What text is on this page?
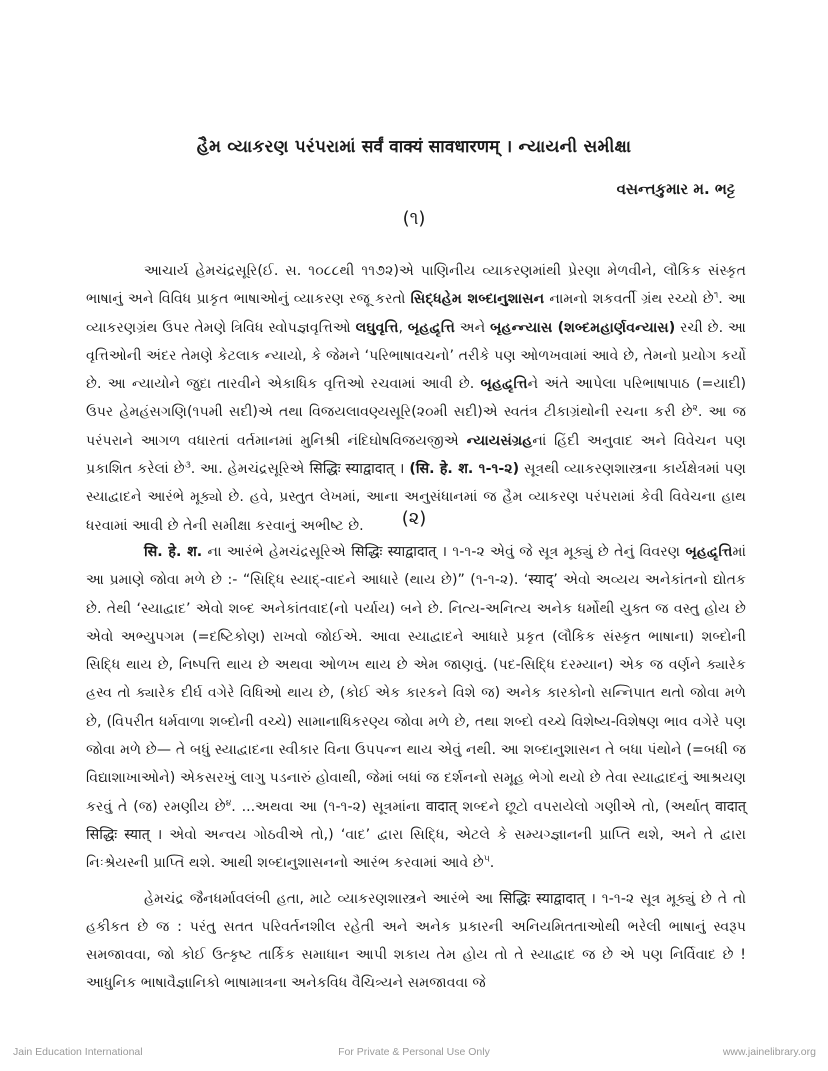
હૈમ વ્યાકરણ પરંપરામાં सर्वं वाक्यं सावधारणम् । ન્યાયની સમીક્ષા
વસન્તકુમાર મ. ભટ્ટ
(૧)

આચાર્ય હેમચંદ્રસૂરિ(ઈ. સ. ૧૦૮૮થી ૧૧૭૨)એ પાણિનીય વ્યાકરણમાંથી પ્રેરણા મેળવીને, લૌકિક સંસ્કૃત ભાષાનું અને વિવિધ પ્રાકૃત ભાષાઓનું વ્યાકરણ રજૂ કરતો સિદ્ધહેમ શબ્દાનુશાસન નામનો શકવર્તી ગ્રંથ રચ્યો છે$^૧$. આ વ્યાકરણગ્રંથ ઉપર તેમણે ત્રિવિધ સ્વોપજ્ઞવૃત્તિઓ લઘુવૃત્તિ, બૃહદ્વૃત્તિ અને બૃહન્ન્યાસ (શબ્દમહાર્ણવન્યાસ) રચી છે. આ વૃત્તિઓની અંદર તેમણે કેટલાક ન્યાયો, કે જેમને ‘પરિભાષાવચનો’ તરીકે પણ ઓળખવામાં આવે છે, તેમનો પ્રયોગ કર્યો છે. આ ન્યાયોને જુદા તારવીને એકાધિક વૃત્તિઓ રચવામાં આવી છે. બૃહદ્વૃત્તિને અંતે આપેલા પરિભાષાપાઠ (=યાદી) ઉપર હેમહંસગણિ(૧૫મી સદી)એ તથા વિજયલાવણ્યસૂરિ(૨૦મી સદી)એ સ્વતંત્ર ટીકાગ્રંથોની રચના કરી છે$^૨$. આ જ પરંપરાને આગળ વધારતાં વર્તમાનમાં મુનિશ્રી નંદિઘોષવિજયજીએ ન્યાયસંગ્રહનાં હિંદી અનુવાદ અને વિવેચન પણ પ્રકાશિત કરેલાં છે$^૩$. આ. હેમચંદ્રસૂરિએ सिद्धिः स्याद्वादात् । (सि. हे. श. ૧-૧-૨) સૂત્રથી વ્યાકરણશાસ્ત્રના કાર્યક્ષેત્રમાં પણ સ્યાદ્વાદને આરંભે મૂક્યો છે. હવે, પ્રસ્તુત લેખમાં, આના અનુસંધાનમાં જ હૈમ વ્યાકરણ પરંપરામાં કેવી વિવેચના હાથ ધરવામાં આવી છે તેની સમીક્ષા કરવાનું અભીષ્ટ છે.	(૨)

सि. हे. श. ના આરંભે હેમચંદ્રસૂરિએ सिद्धिः स्याद्वादात् । ૧-૧-૨ એવું જે સૂત્ર મૂક્યું છે તેનું વિવરણ બૃહદ્વૃત્તિમાં આ પ્રમાણે જોવા મળે છે :- “સિદ્ધિ સ્યાદ્-વાદને આધારે (થાય છે)” (૧-૧-૨). ‘स्याद्’ એવો અવ્યય અનેકાંતનો દ્યોતક છે. તેથી ‘સ્યાદ્વાદ’ એવો શબ્દ અનેકાંતવાદ(નો પર્યાય) બને છે. નિત્ય-અનિત્ય અનેક ધર્મોથી યુક્ત જ વસ્તુ હોય છે એવો અભ્યુપગમ (=દષ્ટિકોણ) રાખવો જોઈએ. આવા સ્યાદ્વાદને આધારે પ્રકૃત (લૌકિક સંસ્કૃત ભાષાના) શબ્દોની સિદ્ધિ થાય છે, નિષ્પત્તિ થાય છે અથવા ઓળખ થાય છે એમ જાણવું. (પદ-સિદ્ધિ દરમ્યાન) એક જ વર્ણને ક્યારેક હ્રસ્વ તો ક્યારેક દીર્ઘ વગેરે વિધિઓ થાય છે, (કોઈ એક કારકને વિશે જ) અનેક કારકોનો સન્નિપાત થતો જોવા મળે છે, (વિપરીત ધર્મવાળા શબ્દોની વચ્ચે) સામાનાધિકરણ્ય જોવા મળે છે, તથા શબ્દો વચ્ચે વિશેષ્ય-વિશેષણ ભાવ વગેરે પણ જોવા મળે છે— તે બધું સ્યાદ્વાદના સ્વીકાર વિના ઉપપન્ન થાય એવું નથી. આ શબ્દાનુશાસન તે બધા પંથોને (=બધી જ વિદ્યાશાખાઓને) એકસરખું લાગુ પડનારું હોવાથી, જેમાં બધાં જ દર્શનનો સમૂહ ભેગો થયો છે તેવા સ્યાદ્વાદનું આશ્રયણ કરવું તે (જ) રમણીય છે$^૪$. ...અથવા આ (૧-૧-૨) સૂત્રમાંના वादात् શબ્દને છૂટો વપરાયેલો ગણીએ તો, (અર્થાત્ वादात् सिद्धिः स्यात् । એવો અન્વય ગોઠવીએ તો,) ‘વાદ’ દ્વારા સિદ્ધિ, એટલે કે સમ્યગ્જ્ઞાનની પ્રાપ્તિ થશે, અને તે દ્વારા નિઃશ્રેયસ્ની પ્રાપ્તિ થશે. આથી શબ્દાનુશાસનનો આરંભ કરવામાં આવે છે$^૫$.

હેમચંદ્ર જૈનધર્માવલંબી હતા, માટે વ્યાકરણશાસ્ત્રને આરંભે આ सिद्धिः स्याद्वादात् । ૧-૧-૨ સૂત્ર મૂક્યું છે તે તો હકીકત છે જ : પરંતુ સતત પરિવર્તનશીલ રહેતી અને અનેક પ્રકારની અનિયમિતતાઓથી ભરેલી ભાષાનું સ્વરૂપ સમજાવવા, જો કોઈ ઉત્કૃષ્ટ તાર્કિક સમાધાન આપી શકાય તેમ હોય તો તે સ્યાદ્વાદ જ છે એ પણ નિર્વિવાદ છે ! આધુનિક ભાષાવૈજ્ઞાનિકો ભાષામાત્રના અનેકવિધ વૈચિત્ર્યને સમજાવવા જે

Jain Education International	For Private & Personal Use Only	www.jainelibrary.org
